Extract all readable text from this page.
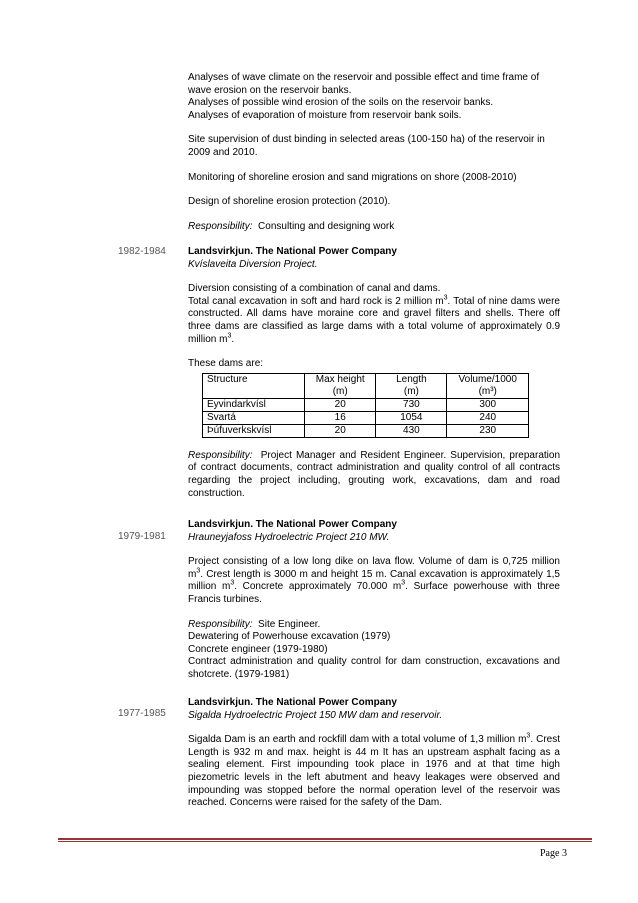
Analyses of wave climate on the reservoir and possible effect and time frame of wave erosion on the reservoir banks.
Analyses of possible wind erosion of the soils on the reservoir banks.
Analyses of evaporation of moisture from reservoir bank soils.

Site supervision of dust binding in selected areas (100-150 ha) of the reservoir in 2009 and 2010.

Monitoring of shoreline erosion and sand migrations on shore (2008-2010)

Design of shoreline erosion protection (2010).

Responsibility: Consulting and designing work

1982-1984	Landsvirkjun. The National Power Company

Kvíslaveita Diversion Project.

Diversion consisting of a combination of canal and dams.

Total canal excavation in soft and hard rock is 2 million $m^3$. Total of nine dams were constructed. All dams have moraine core and gravel filters and shells. There off three dams are classified as large dams with a total volume of approximately 0.9 million $m^3$.

These dams are:

Structure	Max height	Length	Volume/1000
	(m)	(m)	(m³)
Eyvindarkvísl	20	730	300
Svartá	16	1054	240
Þúfuverkskvísl	20	430	230

Responsibility: Project Manager and Resident Engineer. Supervision, preparation of contract documents, contract administration and quality control of all contracts regarding the project including, grouting work, excavations, dam and road construction.

1979-1981

Landsvirkjun. The National Power Company

Hrauneyjafoss Hydroelectric Project 210 MW.

Project consisting of a low long dike on lava flow. Volume of dam is 0,725 million $m^3$. Crest length is 3000 m and height 15 m. Canal excavation is approximately 1,5 million $m^3$. Concrete approximately 70.000 $m^3$. Surface powerhouse with three Francis turbines.

Responsibility: Site Engineer.

Dewatering of Powerhouse excavation (1979)

Concrete engineer (1979-1980)

Contract administration and quality control for dam construction, excavations and shotcrete. (1979-1981)

1977-1985

Landsvirkjun. The National Power Company

Sigalda Hydroelectric Project 150 MW dam and reservoir.

Sigalda Dam is an earth and rockfill dam with a total volume of 1,3 million $m^3$. Crest Length is 932 m and max. height is 44 m It has an upstream asphalt facing as a sealing element. First impounding took place in 1976 and at that time high piezometric levels in the left abutment and heavy leakages were observed and impounding was stopped before the normal operation level of the reservoir was reached. Concerns were raised for the safety of the Dam.

Page 3
